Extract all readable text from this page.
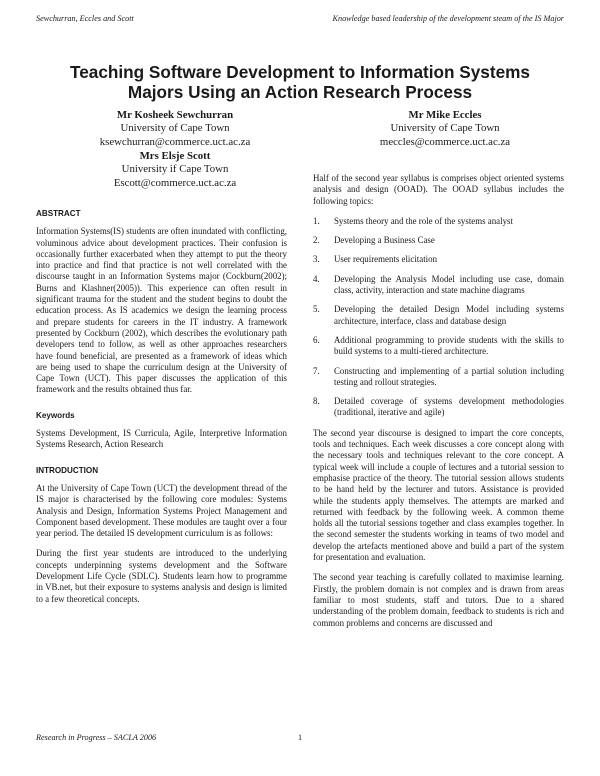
Sewchurran, Eccles and Scott	Knowledge based leadership of the development steam of the IS Major
Teaching Software Development to Information Systems Majors Using an Action Research Process
Mr Kosheek Sewchurran
University of Cape Town
ksewchurran@commerce.uct.ac.za
Mrs Elsje Scott
University if Cape Town
Escott@commerce.uct.ac.za
Mr Mike Eccles
University of Cape Town
meccles@commerce.uct.ac.za
ABSTRACT

Information Systems(IS) students are often inundated with conflicting, voluminous advice about development practices. Their confusion is occasionally further exacerbated when they attempt to put the theory into practice and find that practice is not well correlated with the discourse taught in an Information Systems major (Cockburn(2002); Burns and Klashner(2005)). This experience can often result in significant trauma for the student and the student begins to doubt the education process. As IS academics we design the learning process and prepare students for careers in the IT industry. A framework presented by Cockburn (2002), which describes the evolutionary path developers tend to follow, as well as other approaches researchers have found beneficial, are presented as a framework of ideas which are being used to shape the curriculum design at the University of Cape Town (UCT). This paper discusses the application of this framework and the results obtained thus far.

Keywords

Systems Development, IS Curricula, Agile, Interpretive Information Systems Research, Action Research

INTRODUCTION

At the University of Cape Town (UCT) the development thread of the IS major is characterised by the following core modules: Systems Analysis and Design, Information Systems Project Management and Component based development. These modules are taught over a four year period. The detailed IS development curriculum is as follows:

During the first year students are introduced to the underlying concepts underpinning systems development and the Software Development Life Cycle (SDLC). Students learn how to programme in VB.net, but their exposure to systems analysis and design is limited to a few theoretical concepts.

Half of the second year syllabus is comprises object oriented systems analysis and design (OOAD). The OOAD syllabus includes the following topics:

1.	Systems theory and the role of the systems analyst
2.	Developing a Business Case
3.	User requirements elicitation
4.	Developing the Analysis Model including use case, domain class, activity, interaction and state machine diagrams
5.	Developing the detailed Design Model including systems architecture, interface, class and database design
6.	Additional programming to provide students with the skills to build systems to a multi-tiered architecture.
7.	Constructing and implementing of a partial solution including testing and rollout strategies.
8.	Detailed coverage of systems development methodologies (traditional, iterative and agile)

The second year discourse is designed to impart the core concepts, tools and techniques. Each week discusses a core concept along with the necessary tools and techniques relevant to the core concept. A typical week will include a couple of lectures and a tutorial session to emphasise practice of the theory. The tutorial session allows students to be hand held by the lecturer and tutors. Assistance is provided while the students apply themselves. The attempts are marked and returned with feedback by the following week. A common theme holds all the tutorial sessions together and class examples together. In the second semester the students working in teams of two model and develop the artefacts mentioned above and build a part of the system for presentation and evaluation.

The second year teaching is carefully collated to maximise learning. Firstly, the problem domain is not complex and is drawn from areas familiar to most students, staff and tutors. Due to a shared understanding of the problem domain, feedback to students is rich and common problems and concerns are discussed and

Research in Progress – SACLA 2006	1
